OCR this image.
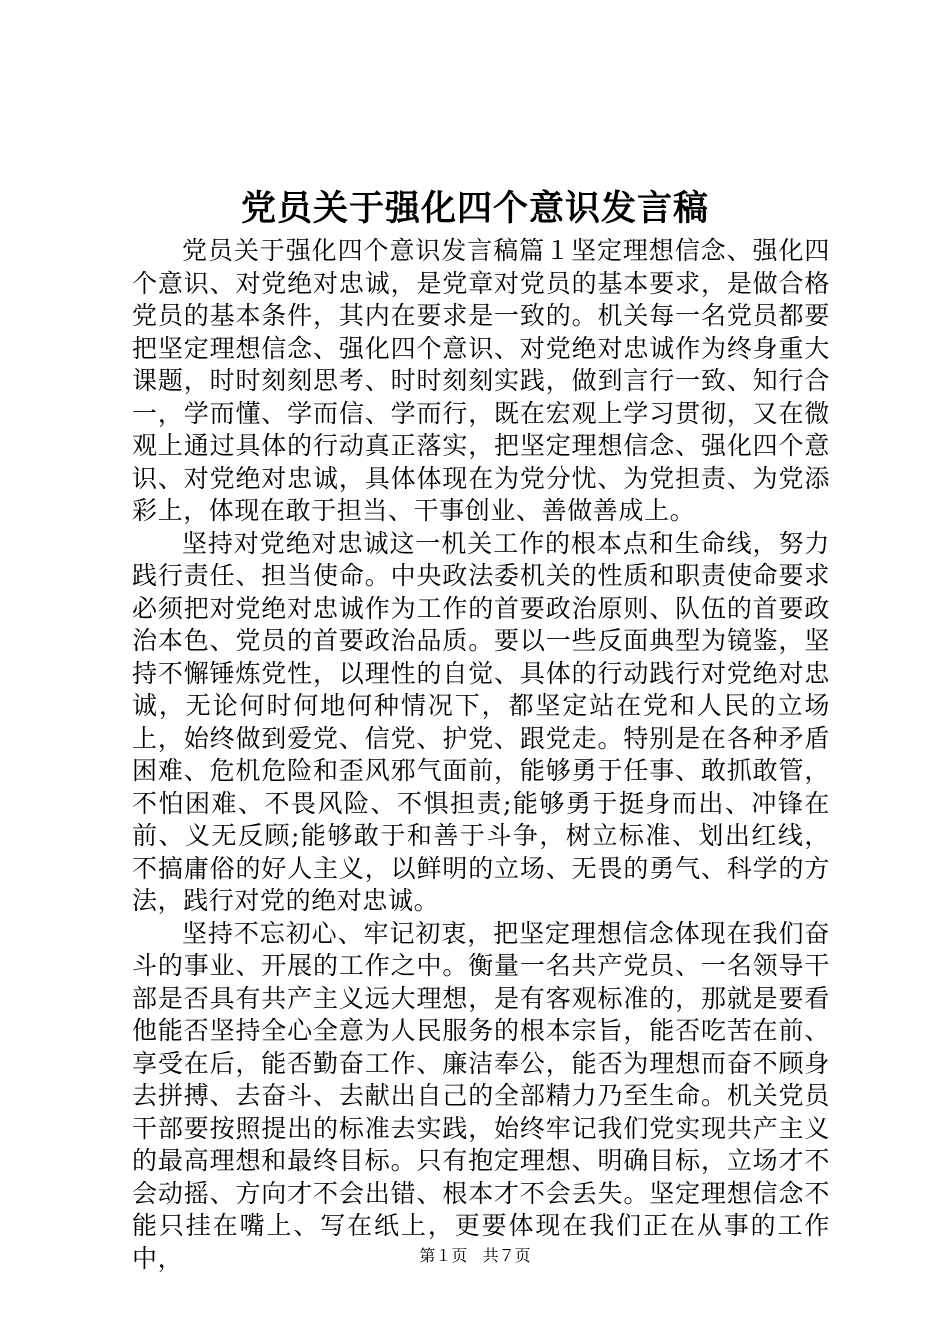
党员关于强化四个意识发言稿

党员关于强化四个意识发言稿篇１坚定理想信念、强化四个意识、对党绝对忠诚，是党章对党员的基本要求，是做合格党员的基本条件，其内在要求是一致的。机关每一名党员都要把坚定理想信念、强化四个意识、对党绝对忠诚作为终身重大课题，时时刻刻思考、时时刻刻实践，做到言行一致、知行合一，学而懂、学而信、学而行，既在宏观上学习贯彻，又在微观上通过具体的行动真正落实，把坚定理想信念、强化四个意识、对党绝对忠诚，具体体现在为党分忧、为党担责、为党添彩上，体现在敢于担当、干事创业、善做善成上。

坚持对党绝对忠诚这一机关工作的根本点和生命线，努力践行责任、担当使命。中央政法委机关的性质和职责使命要求必须把对党绝对忠诚作为工作的首要政治原则、队伍的首要政治本色、党员的首要政治品质。要以一些反面典型为镜鉴，坚持不懈锤炼党性，以理性的自觉、具体的行动践行对党绝对忠诚，无论何时何地何种情况下，都坚定站在党和人民的立场上，始终做到爱党、信党、护党、跟党走。特别是在各种矛盾困难、危机危险和歪风邪气面前，能够勇于任事、敢抓敢管，不怕困难、不畏风险、不惧担责;能够勇于挺身而出、冲锋在前、义无反顾;能够敢于和善于斗争，树立标准、划出红线，不搞庸俗的好人主义，以鲜明的立场、无畏的勇气、科学的方法，践行对党的绝对忠诚。

坚持不忘初心、牢记初衷，把坚定理想信念体现在我们奋斗的事业、开展的工作之中。衡量一名共产党员、一名领导干部是否具有共产主义远大理想，是有客观标准的，那就是要看他能否坚持全心全意为人民服务的根本宗旨，能否吃苦在前、享受在后，能否勤奋工作、廉洁奉公，能否为理想而奋不顾身去拼搏、去奋斗、去献出自己的全部精力乃至生命。机关党员干部要按照提出的标准去实践，始终牢记我们党实现共产主义的最高理想和最终目标。只有抱定理想、明确目标，立场才不会动摇、方向才不会出错、根本才不会丢失。坚定理想信念不能只挂在嘴上、写在纸上，更要体现在我们正在从事的工作中，	第１页 共７页
